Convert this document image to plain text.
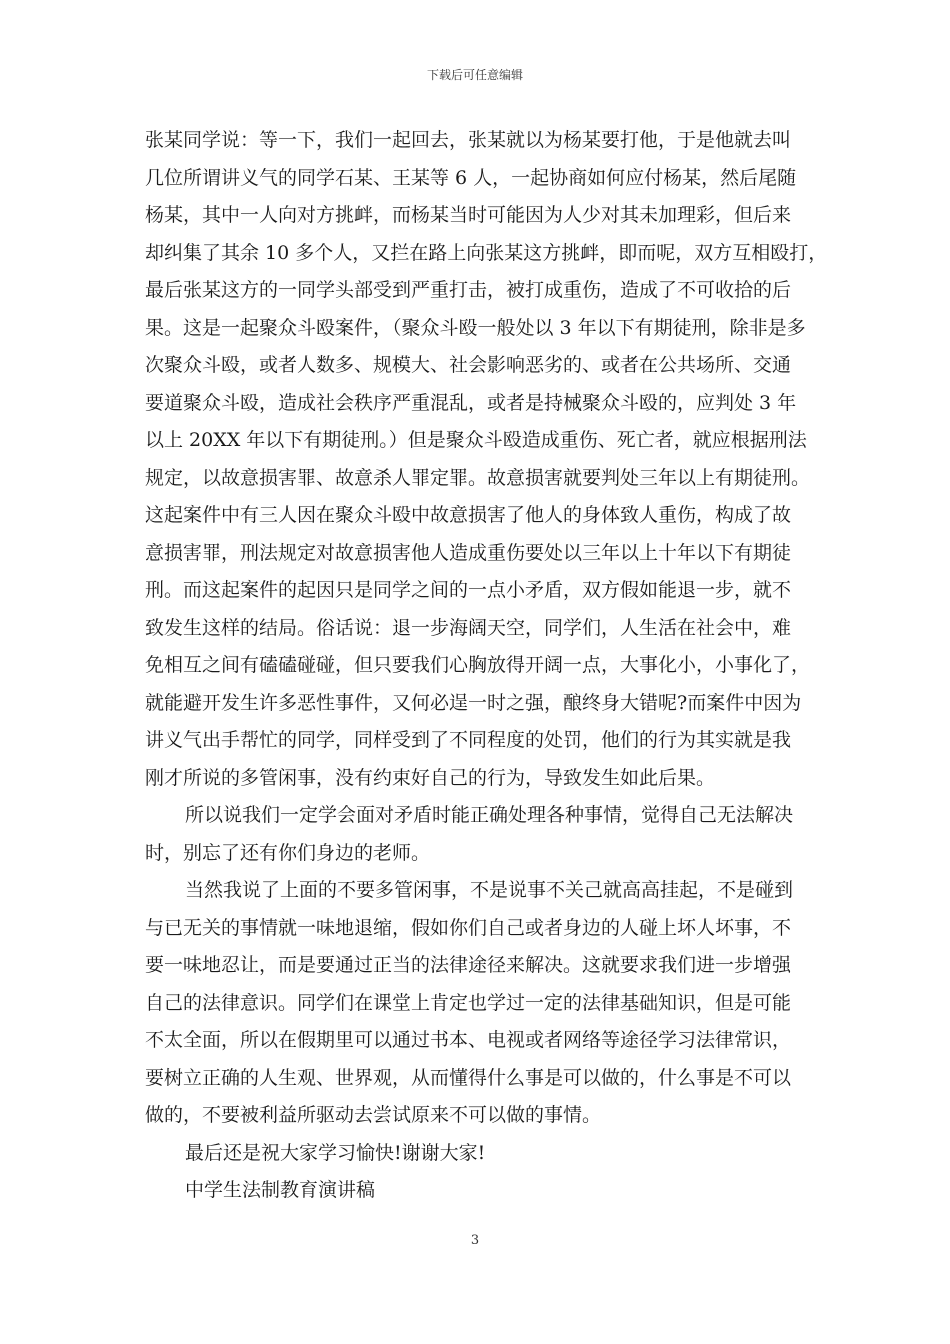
下载后可任意编辑
张某同学说：等一下，我们一起回去，张某就以为杨某要打他，于是他就去叫
几位所谓讲义气的同学石某、王某等 6 人，一起协商如何应付杨某，然后尾随
杨某，其中一人向对方挑衅，而杨某当时可能因为人少对其未加理彩，但后来
却纠集了其余 10 多个人，又拦在路上向张某这方挑衅，即而呢，双方互相殴打，
最后张某这方的一同学头部受到严重打击，被打成重伤，造成了不可收拾的后
果。这是一起聚众斗殴案件，（聚众斗殴一般处以 3 年以下有期徒刑，除非是多
次聚众斗殴，或者人数多、规模大、社会影响恶劣的、或者在公共场所、交通
要道聚众斗殴，造成社会秩序严重混乱，或者是持械聚众斗殴的，应判处 3 年
以上 20XX 年以下有期徒刑。）但是聚众斗殴造成重伤、死亡者，就应根据刑法
规定，以故意损害罪、故意杀人罪定罪。故意损害就要判处三年以上有期徒刑。
这起案件中有三人因在聚众斗殴中故意损害了他人的身体致人重伤，构成了故
意损害罪，刑法规定对故意损害他人造成重伤要处以三年以上十年以下有期徒
刑。而这起案件的起因只是同学之间的一点小矛盾，双方假如能退一步，就不
致发生这样的结局。俗话说：退一步海阔天空，同学们，人生活在社会中，难
免相互之间有磕磕碰碰，但只要我们心胸放得开阔一点，大事化小，小事化了，
就能避开发生许多恶性事件，又何必逞一时之强，酿终身大错呢?而案件中因为
讲义气出手帮忙的同学，同样受到了不同程度的处罚，他们的行为其实就是我
刚才所说的多管闲事，没有约束好自己的行为，导致发生如此后果。
所以说我们一定学会面对矛盾时能正确处理各种事情，觉得自己无法解决
时，别忘了还有你们身边的老师。
当然我说了上面的不要多管闲事，不是说事不关己就高高挂起，不是碰到
与已无关的事情就一味地退缩，假如你们自己或者身边的人碰上坏人坏事，不
要一味地忍让，而是要通过正当的法律途径来解决。这就要求我们进一步增强
自己的法律意识。同学们在课堂上肯定也学过一定的法律基础知识，但是可能
不太全面，所以在假期里可以通过书本、电视或者网络等途径学习法律常识，
要树立正确的人生观、世界观，从而懂得什么事是可以做的，什么事是不可以
做的，不要被利益所驱动去尝试原来不可以做的事情。
最后还是祝大家学习愉快!谢谢大家!
中学生法制教育演讲稿
3
